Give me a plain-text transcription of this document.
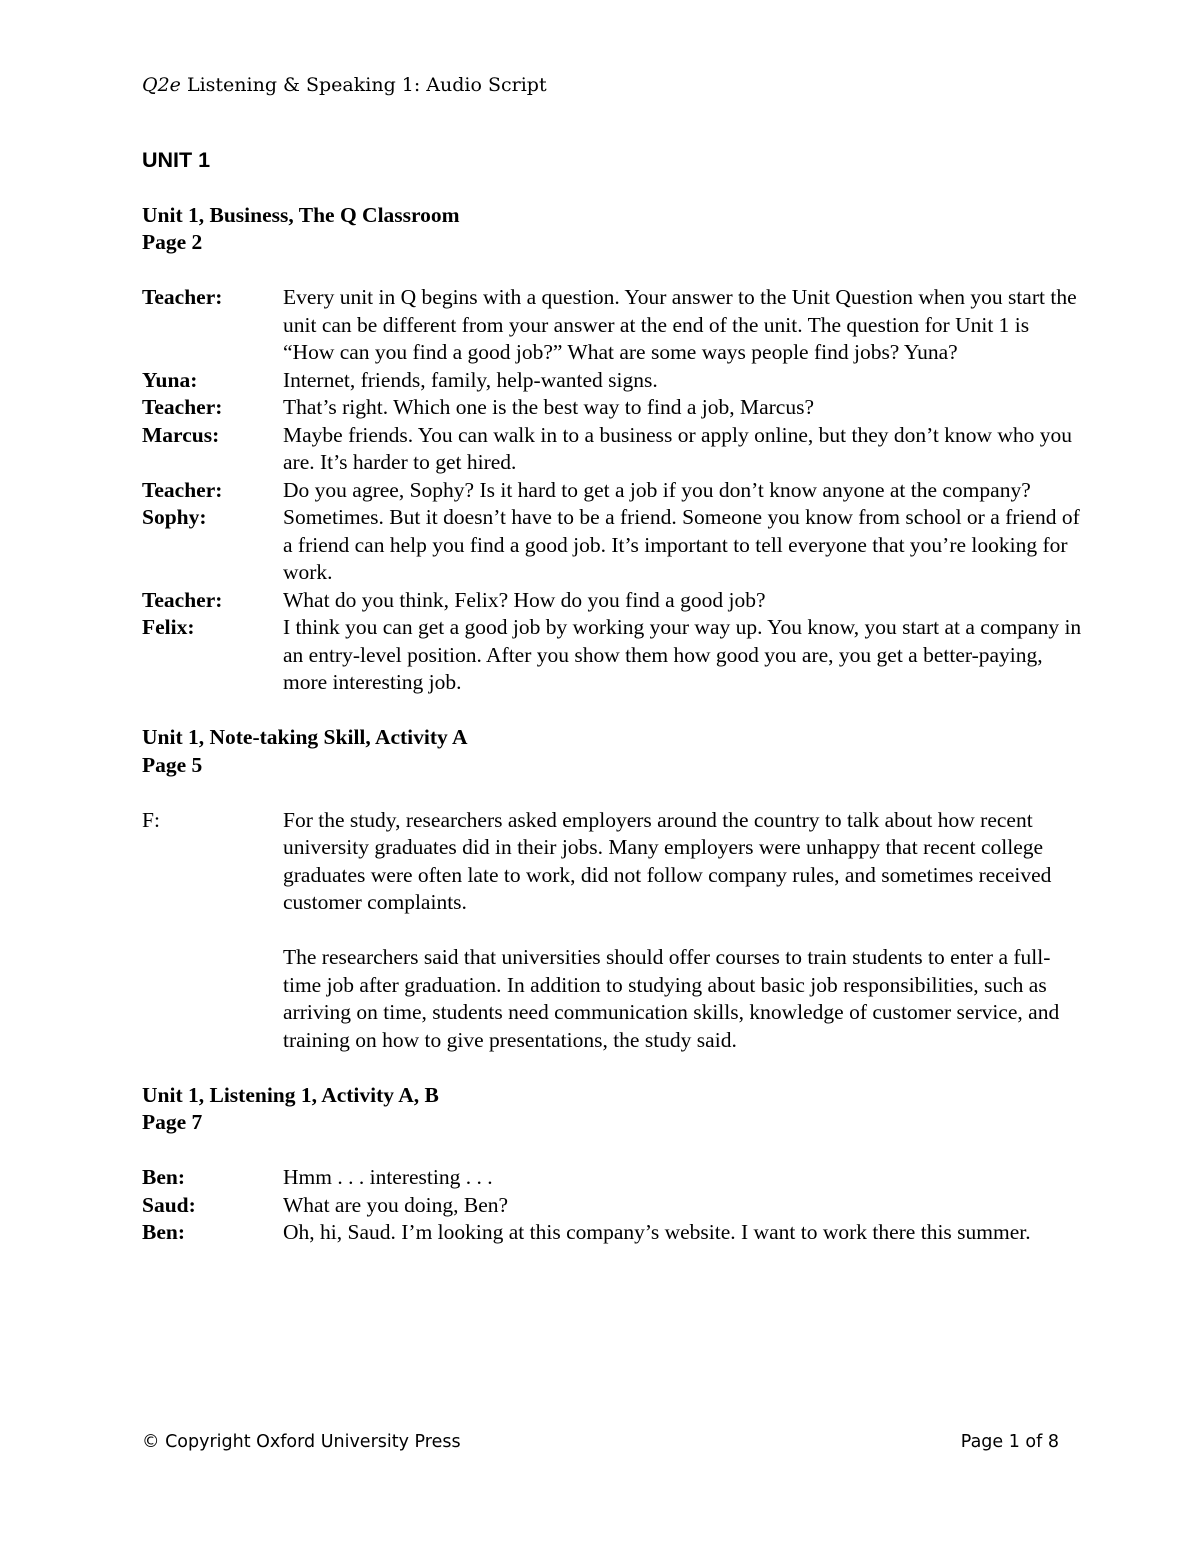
Q2e Listening & Speaking 1: Audio Script
UNIT 1
Unit 1, Business, The Q Classroom
Page 2
Teacher:	Every unit in Q begins with a question. Your answer to the Unit Question when you start the unit can be different from your answer at the end of the unit. The question for Unit 1 is “How can you find a good job?” What are some ways people find jobs? Yuna?

Yuna:	Internet, friends, family, help-wanted signs.

Teacher:	That’s right. Which one is the best way to find a job, Marcus?

Marcus:	Maybe friends. You can walk in to a business or apply online, but they don’t know who you are. It’s harder to get hired.

Teacher:	Do you agree, Sophy? Is it hard to get a job if you don’t know anyone at the company?

Sophy:	Sometimes. But it doesn’t have to be a friend. Someone you know from school or a friend of a friend can help you find a good job. It’s important to tell everyone that you’re looking for work.

Teacher:	What do you think, Felix? How do you find a good job?

Felix:	I think you can get a good job by working your way up. You know, you start at a company in an entry-level position. After you show them how good you are, you get a better-paying, more interesting job.

Unit 1, Note-taking Skill, Activity A
Page 5
F:	For the study, researchers asked employers around the country to talk about how recent university graduates did in their jobs. Many employers were unhappy that recent college graduates were often late to work, did not follow company rules, and sometimes received customer complaints.

The researchers said that universities should offer courses to train students to enter a full-time job after graduation. In addition to studying about basic job responsibilities, such as arriving on time, students need communication skills, knowledge of customer service, and training on how to give presentations, the study said.

Unit 1, Listening 1, Activity A, B
Page 7
Ben:	Hmm . . . interesting . . .

Saud:	What are you doing, Ben?

Ben:	Oh, hi, Saud. I’m looking at this company’s website. I want to work there this summer.

© Copyright Oxford University Press	Page 1 of 8
